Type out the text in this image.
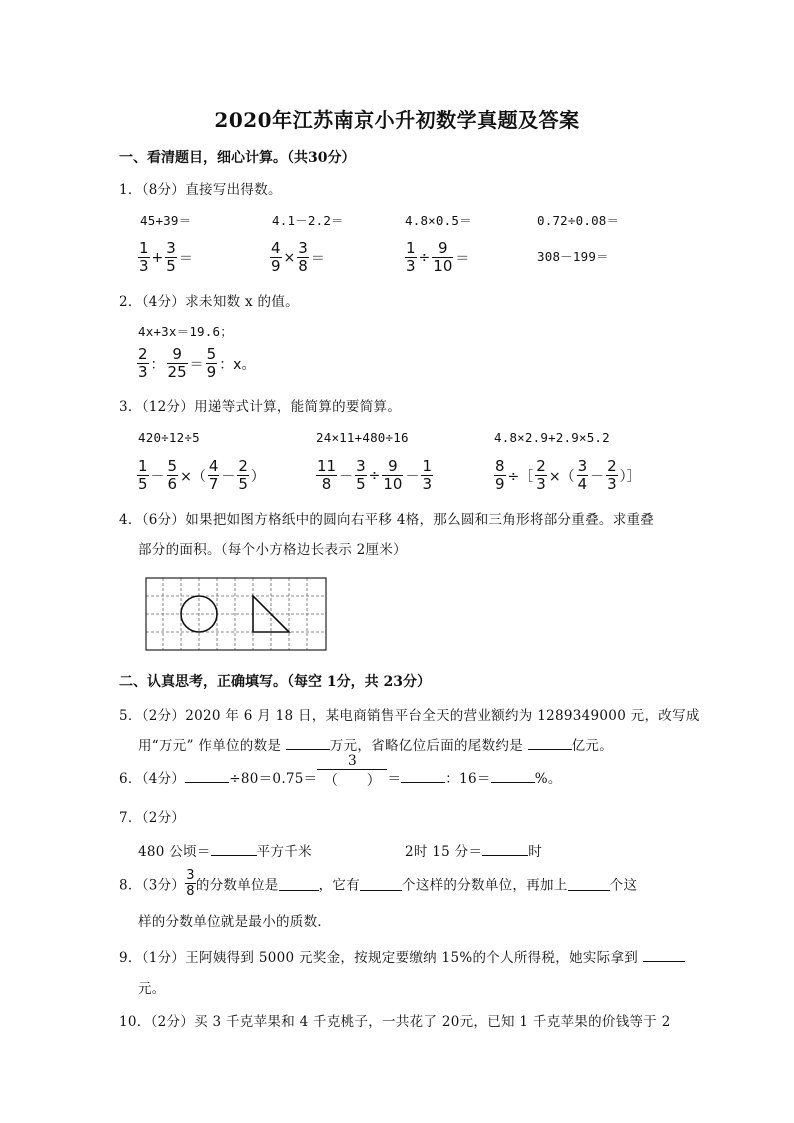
2020年江苏南京小升初数学真题及答案
一、看清题目，细心计算。（共30分）
1．（8分）直接写出得数。
45+39＝	4.1－2.2＝	4.8×0.5＝	0.72÷0.08＝
$\frac{1}{3} + \frac{3}{5}$ ＝	$\frac{4}{9} \times \frac{3}{8}$ ＝	$\frac{1}{3} \div \frac{9}{10}$ ＝	308－199＝
2．（4分）求未知数 x 的值。
4x+3x＝19.6；
$\frac{2}{3}$ ： $\frac{9}{25} = \frac{5}{9}$ ：x。
3．（12分）用递等式计算，能简算的要简算。
420÷12÷5	24×11+480÷16	4.8×2.9+2.9×5.2
$\frac{1}{5} - \frac{5}{6}$ ×（ $\frac{4}{7} - \frac{2}{5}$ ）	$\frac{11}{8} - \frac{3}{5} \div \frac{9}{10} - \frac{1}{3}$	$\frac{8}{9}$ ÷［ $\frac{2}{3}$ ×（ $\frac{3}{4} - \frac{2}{3}$ ）］
4．（6分）如果把如图方格纸中的圆向右平移 4格，那么圆和三角形将部分重叠。求重叠
部分的面积。（每个小方格边长表示 2厘米）
二、认真思考，正确填写。（每空 1分，共 23分）
5．（2分）2020 年 6 月 18 日，某电商销售平台全天的营业额约为 1289349000 元，改写成
用“万元” 作单位的数是	万元，省略亿位后面的尾数约是	亿元。
6．（4分）	÷80＝0.75＝
3
（　　） ＝	：16＝	%。
7．（2分）
480 公顷＝	平方千米	2时 15 分＝	时
8．（3分） $\frac{3}{8}$ 的分数单位是	，它有	个这样的分数单位，再加上	个这
样的分数单位就是最小的质数．
9．（1分）王阿姨得到 5000 元奖金，按规定要缴纳 15%的个人所得税，她实际拿到
元。
10．（2分）买 3 千克苹果和 4 千克桃子，一共花了 20元，已知 1 千克苹果的价钱等于 2
